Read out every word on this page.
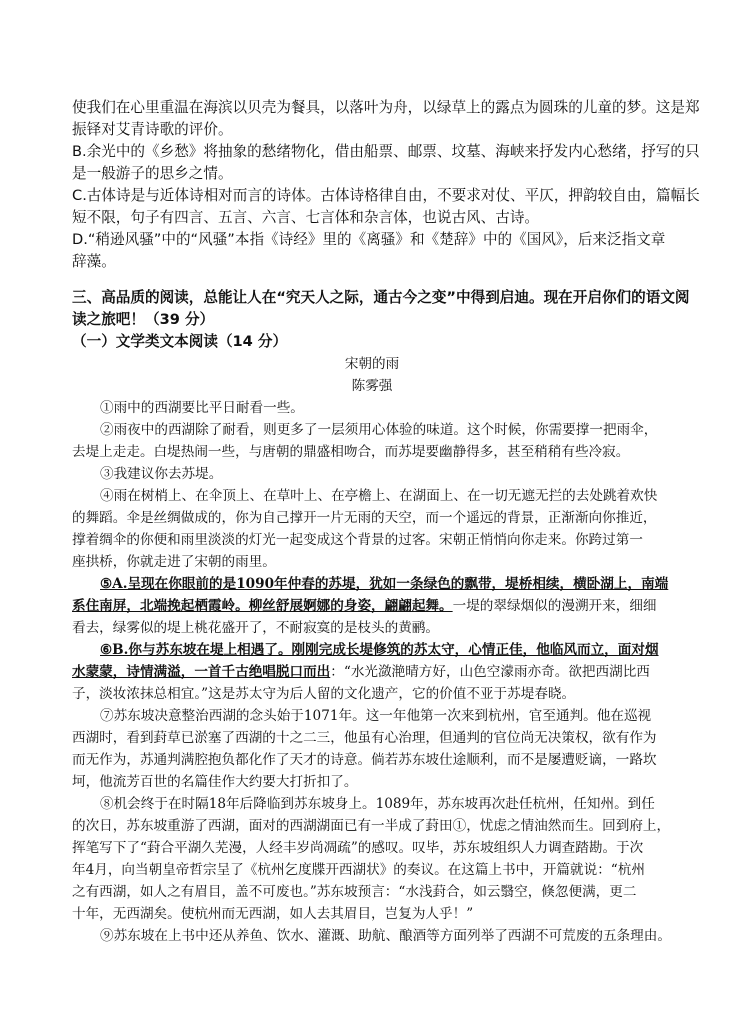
使我们在心里重温在海滨以贝壳为餐具，以落叶为舟，以绿草上的露点为圆珠的儿童的梦。这是郑
振铎对艾青诗歌的评价。
B.余光中的《乡愁》将抽象的愁绪物化，借由船票、邮票、坟墓、海峡来抒发内心愁绪，抒写的只
是一般游子的思乡之情。
C.古体诗是与近体诗相对而言的诗体。古体诗格律自由，不要求对仗、平仄，押韵较自由，篇幅长
短不限，句子有四言、五言、六言、七言体和杂言体，也说古风、古诗。
D.“稍逊风骚”中的“风骚”本指《诗经》里的《离骚》和《楚辞》中的《国风》，后来泛指文章
辞藻。
三、高品质的阅读，总能让人在“究天人之际，通古今之变”中得到启迪。现在开启你们的语文阅
读之旅吧！（39 分）
（一）文学类文本阅读（14 分）
宋朝的雨
陈雾强
①雨中的西湖要比平日耐看一些。
②雨夜中的西湖除了耐看，则更多了一层须用心体验的味道。这个时候，你需要撑一把雨伞，
去堤上走走。白堤热闹一些，与唐朝的鼎盛相吻合，而苏堤要幽静得多，甚至稍稍有些冷寂。
③我建议你去苏堤。
④雨在树梢上、在伞顶上、在草叶上、在亭檐上、在湖面上、在一切无遮无拦的去处跳着欢快
的舞蹈。伞是丝绸做成的，你为自己撑开一片无雨的天空，而一个遥远的背景，正渐渐向你推近，
撑着绸伞的你便和雨里淡淡的灯光一起变成这个背景的过客。宋朝正悄悄向你走来。你跨过第一
座拱桥，你就走进了宋朝的雨里。
⑤A.呈现在你眼前的是1090年仲春的苏堤，犹如一条绿色的飘带，堤桥相续，横卧湖上，南端
系住南屏，北端挽起栖霞岭。柳丝舒展婀娜的身姿，翩翩起舞。一堤的翠绿烟似的漫溯开来，细细
看去，绿雾似的堤上桃花盛开了，不耐寂寞的是枝头的黄鹂。
⑥B.你与苏东坡在堤上相遇了。刚刚完成长堤修筑的苏太守，心情正佳，他临风而立，面对烟
水蒙蒙，诗情满溢，一首千古绝唱脱口而出：“水光潋滟晴方好，山色空濛雨亦奇。欲把西湖比西
子，淡妆浓抹总相宜。”这是苏太守为后人留的文化遗产，它的价值不亚于苏堤春晓。
⑦苏东坡决意整治西湖的念头始于1071年。这一年他第一次来到杭州，官至通判。他在巡视
西湖时，看到葑草已淤塞了西湖的十之二三，他虽有心治理，但通判的官位尚无决策权，欲有作为
而无作为，苏通判满腔抱负都化作了天才的诗意。倘若苏东坡仕途顺利，而不是屡遭贬谪，一路坎
坷，他流芳百世的名篇佳作大约要大打折扣了。
⑧机会终于在时隔18年后降临到苏东坡身上。1089年，苏东坡再次赴任杭州，任知州。到任
的次日，苏东坡重游了西湖，面对的西湖湖面已有一半成了葑田①，忧虑之情油然而生。回到府上，
挥笔写下了“葑合平湖久芜漫，人经丰岁尚凋疏”的感叹。叹毕，苏东坡组织人力调查踏勘。于次
年4月，向当朝皇帝哲宗呈了《杭州乞度牒开西湖状》的奏议。在这篇上书中，开篇就说：“杭州
之有西湖，如人之有眉目，盖不可废也。”苏东坡预言：“水浅葑合，如云翳空，倏忽便满，更二
十年，无西湖矣。使杭州而无西湖，如人去其眉目，岂复为人乎！”
⑨苏东坡在上书中还从养鱼、饮水、灌溉、助航、酿酒等方面列举了西湖不可荒废的五条理由。
